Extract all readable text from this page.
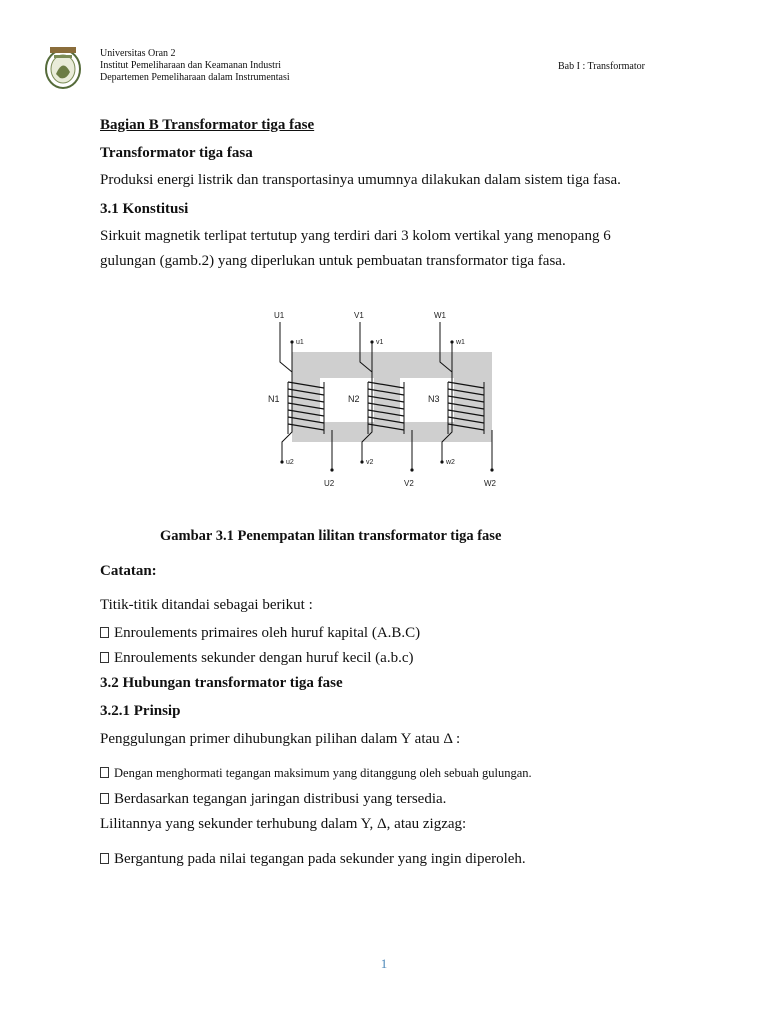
Universitas Oran 2
Institut Pemeliharaan dan Keamanan Industri
Departemen Pemeliharaan dalam Instrumentasi
Bab I : Transformator
Bagian B Transformator tiga fase
Transformator tiga fasa
Produksi energi listrik dan transportasinya umumnya dilakukan dalam sistem tiga fasa.
3.1 Konstitusi
Sirkuit magnetik terlipat tertutup yang terdiri dari 3 kolom vertikal yang menopang 6
gulungan (gamb.2) yang diperlukan untuk pembuatan transformator tiga fasa.
Catatan:
Titik-titik ditandai sebagai berikut :
Enroulements primaires oleh huruf kapital (A.B.C)
Enroulements sekunder dengan huruf kecil (a.b.c)
3.2 Hubungan transformator tiga fase
3.2.1 Prinsip
Penggulungan primer dihubungkan pilihan dalam Y atau Δ :
Dengan menghormati tegangan maksimum yang ditanggung oleh sebuah gulungan.
Berdasarkan tegangan jaringan distribusi yang tersedia.
Lilitannya yang sekunder terhubung dalam Y, Δ, atau zigzag:
Bergantung pada nilai tegangan pada sekunder yang ingin diperoleh.
U1
u1
N1
u2
U2
V1
v1
N2
v2
V2
W1
w1
N3
w2
W2
Gambar 3.1 Penempatan lilitan transformator tiga fase
1
